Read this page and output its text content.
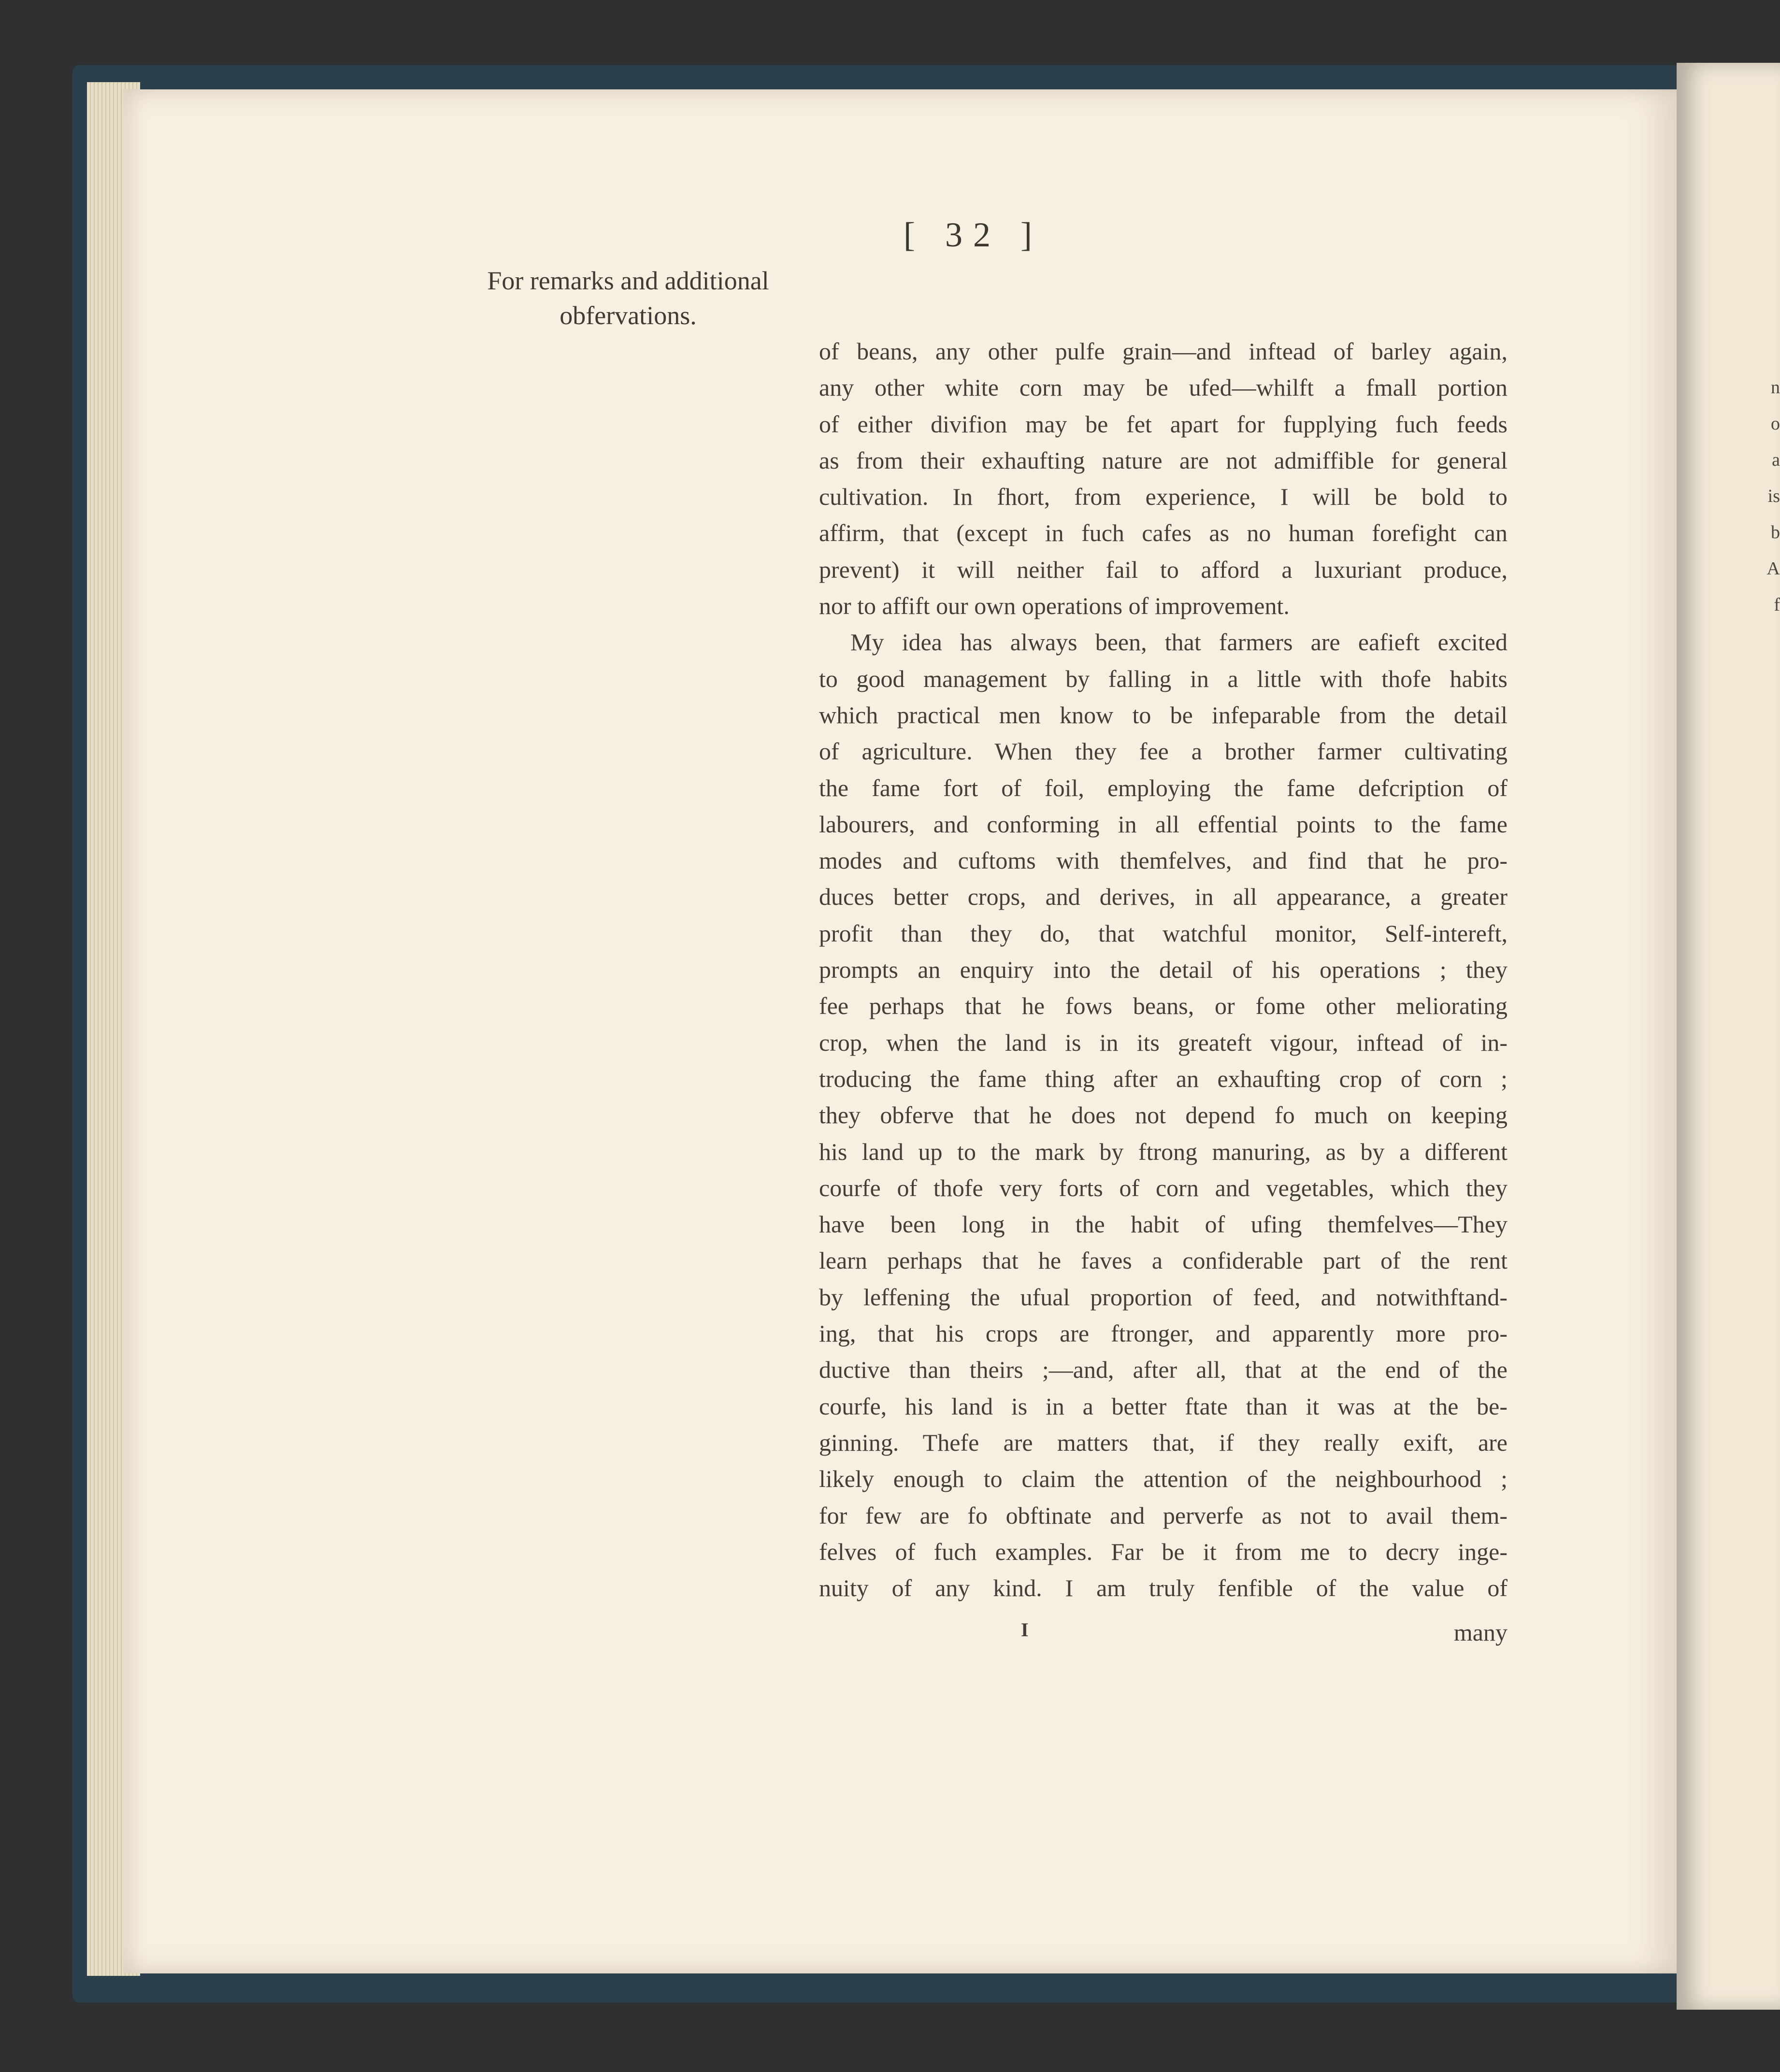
n
o
a
is
b
A
f
[ 32 ]
For remarks and additional
obfervations.
of beans, any other pulfe grain—and inftead of barley again,
any other white corn may be ufed—whilft a fmall portion
of either divifion may be fet apart for fupplying fuch feeds
as from their exhaufting nature are not admiffible for general
cultivation. In fhort, from experience, I will be bold to
affirm, that (except in fuch cafes as no human forefight can
prevent) it will neither fail to afford a luxuriant produce,
nor to affift our own operations of improvement.
My idea has always been, that farmers are eafieft excited
to good management by falling in a little with thofe habits
which practical men know to be infeparable from the detail
of agriculture. When they fee a brother farmer cultivating
the fame fort of foil, employing the fame defcription of
labourers, and conforming in all effential points to the fame
modes and cuftoms with themfelves, and find that he pro-
duces better crops, and derives, in all appearance, a greater
profit than they do, that watchful monitor, Self-intereft,
prompts an enquiry into the detail of his operations ; they
fee perhaps that he fows beans, or fome other meliorating
crop, when the land is in its greateft vigour, inftead of in-
troducing the fame thing after an exhaufting crop of corn ;
they obferve that he does not depend fo much on keeping
his land up to the mark by ftrong manuring, as by a different
courfe of thofe very forts of corn and vegetables, which they
have been long in the habit of ufing themfelves—They
learn perhaps that he faves a confiderable part of the rent
by leffening the ufual proportion of feed, and notwithftand-
ing, that his crops are ftronger, and apparently more pro-
ductive than theirs ;—and, after all, that at the end of the
courfe, his land is in a better ftate than it was at the be-
ginning. Thefe are matters that, if they really exift, are
likely enough to claim the attention of the neighbourhood ;
for few are fo obftinate and perverfe as not to avail them-
felves of fuch examples. Far be it from me to decry inge-
nuity of any kind. I am truly fenfible of the value of
I	many
